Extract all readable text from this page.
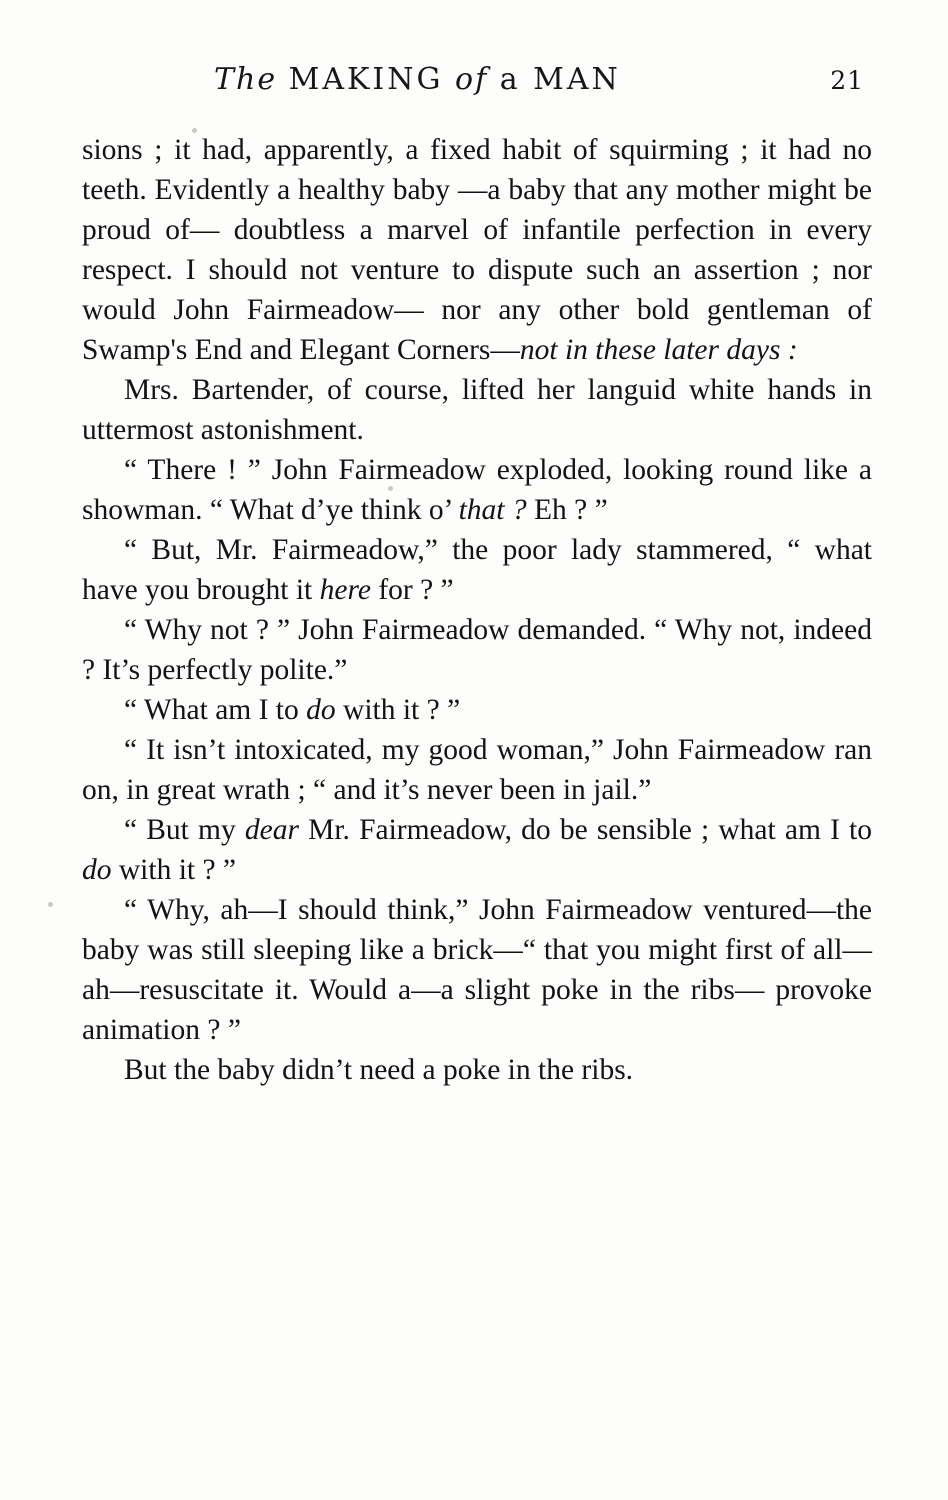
The MAKING of a MAN	21

sions ; it had, apparently, a fixed habit of squirming ; it had no teeth. Evidently a healthy baby —a baby that any mother might be proud of— doubtless a marvel of infantile perfection in every respect. I should not venture to dispute such an assertion ; nor would John Fairmeadow— nor any other bold gentleman of Swamp's End and Elegant Corners—not in these later days :

Mrs. Bartender, of course, lifted her languid white hands in uttermost astonishment.

“ There ! ” John Fairmeadow exploded, looking round like a showman. “ What d’ye think o’ that ? Eh ? ”

“ But, Mr. Fairmeadow,” the poor lady stammered, “ what have you brought it here for ? ”

“ Why not ? ” John Fairmeadow demanded. “ Why not, indeed ? It’s perfectly polite.”

“ What am I to do with it ? ”

“ It isn’t intoxicated, my good woman,” John Fairmeadow ran on, in great wrath ; “ and it’s never been in jail.”

“ But my dear Mr. Fairmeadow, do be sensible ; what am I to do with it ? ”

“ Why, ah—I should think,” John Fairmeadow ventured—the baby was still sleeping like a brick—“ that you might first of all—ah—resuscitate it. Would a—a slight poke in the ribs— provoke animation ? ”

But the baby didn’t need a poke in the ribs.
